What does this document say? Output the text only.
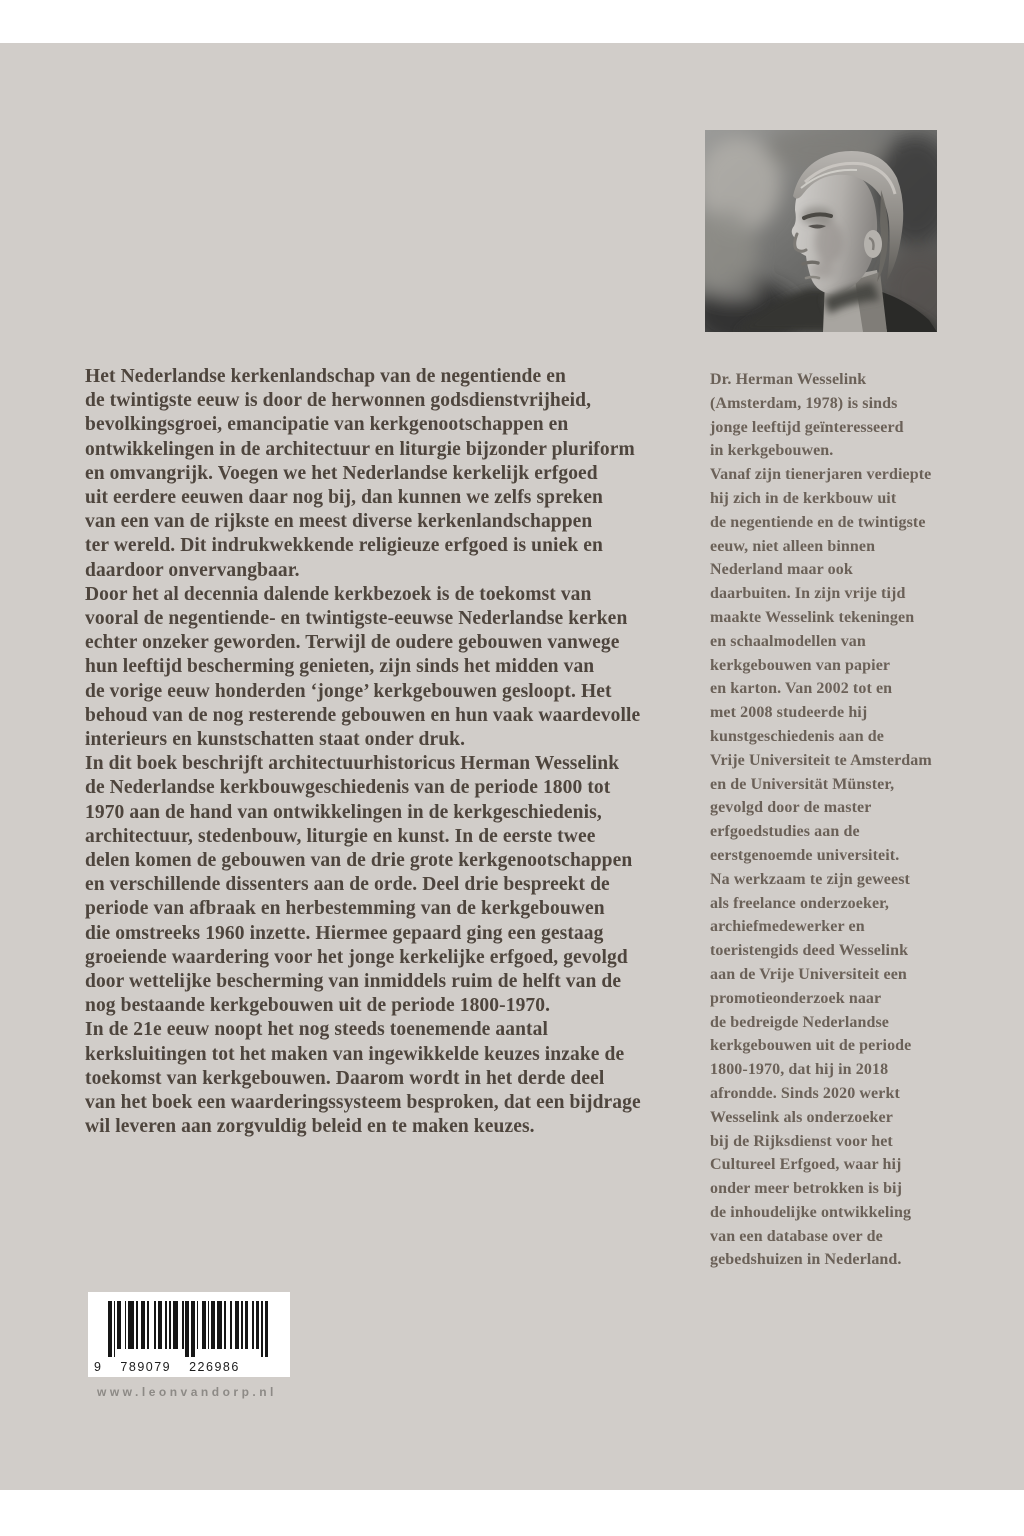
Het Nederlandse kerkenlandschap van de negentiende en
de twintigste eeuw is door de herwonnen godsdienstvrijheid,
bevolkingsgroei, emancipatie van kerkgenootschappen en
ontwikkelingen in de architectuur en liturgie bijzonder pluriform
en omvangrijk. Voegen we het Nederlandse kerkelijk erfgoed
uit eerdere eeuwen daar nog bij, dan kunnen we zelfs spreken
van een van de rijkste en meest diverse kerkenlandschappen
ter wereld. Dit indrukwekkende religieuze erfgoed is uniek en
daardoor onvervangbaar.

Door het al decennia dalende kerkbezoek is de toekomst van
vooral de negentiende- en twintigste-eeuwse Nederlandse kerken
echter onzeker geworden. Terwijl de oudere gebouwen vanwege
hun leeftijd bescherming genieten, zijn sinds het midden van
de vorige eeuw honderden ‘jonge’ kerkgebouwen gesloopt. Het
behoud van de nog resterende gebouwen en hun vaak waardevolle
interieurs en kunstschatten staat onder druk.

In dit boek beschrijft architectuurhistoricus Herman Wesselink
de Nederlandse kerkbouwgeschiedenis van de periode 1800 tot
1970 aan de hand van ontwikkelingen in de kerkgeschiedenis,
architectuur, stedenbouw, liturgie en kunst. In de eerste twee
delen komen de gebouwen van de drie grote kerkgenootschappen
en verschillende dissenters aan de orde. Deel drie bespreekt de
periode van afbraak en herbestemming van de kerkgebouwen
die omstreeks 1960 inzette. Hiermee gepaard ging een gestaag
groeiende waardering voor het jonge kerkelijke erfgoed, gevolgd
door wettelijke bescherming van inmiddels ruim de helft van de
nog bestaande kerkgebouwen uit de periode 1800-1970.

In de 21e eeuw noopt het nog steeds toenemende aantal
kerksluitingen tot het maken van ingewikkelde keuzes inzake de
toekomst van kerkgebouwen. Daarom wordt in het derde deel
van het boek een waarderingssysteem besproken, dat een bijdrage
wil leveren aan zorgvuldig beleid en te maken keuzes.

Dr. Herman Wesselink
(Amsterdam, 1978) is sinds
jonge leeftijd geïnteresseerd
in kerkgebouwen.
Vanaf zijn tienerjaren verdiepte
hij zich in de kerkbouw uit
de negentiende en de twintigste
eeuw, niet alleen binnen
Nederland maar ook
daarbuiten. In zijn vrije tijd
maakte Wesselink tekeningen
en schaalmodellen van
kerkgebouwen van papier
en karton. Van 2002 tot en
met 2008 studeerde hij
kunstgeschiedenis aan de
Vrije Universiteit te Amsterdam
en de Universität Münster,
gevolgd door de master
erfgoedstudies aan de
eerstgenoemde universiteit.
Na werkzaam te zijn geweest
als freelance onderzoeker,
archiefmedewerker en
toeristengids deed Wesselink
aan de Vrije Universiteit een
promotieonderzoek naar
de bedreigde Nederlandse
kerkgebouwen uit de periode
1800-1970, dat hij in 2018
afrondde. Sinds 2020 werkt
Wesselink als onderzoeker
bij de Rijksdienst voor het
Cultureel Erfgoed, waar hij
onder meer betrokken is bij
de inhoudelijke ontwikkeling
van een database over de
gebedshuizen in Nederland.
9 789079 226986
www.leonvandorp.nl
